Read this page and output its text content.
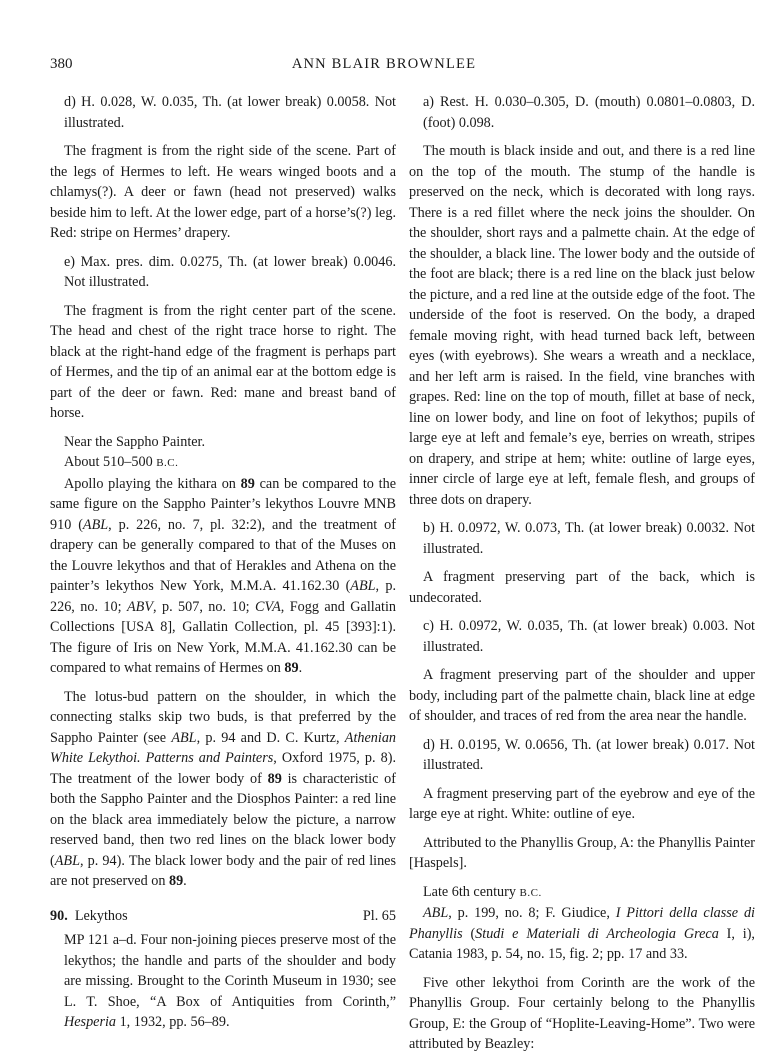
380	ANN BLAIR BROWNLEE

d) H. 0.028, W. 0.035, Th. (at lower break) 0.0058. Not illustrated.

The fragment is from the right side of the scene. Part of the legs of Hermes to left. He wears winged boots and a chlamys(?). A deer or fawn (head not preserved) walks beside him to left. At the lower edge, part of a horse’s(?) leg. Red: stripe on Hermes’ drapery.

e) Max. pres. dim. 0.0275, Th. (at lower break) 0.0046. Not illustrated.

The fragment is from the right center part of the scene. The head and chest of the right trace horse to right. The black at the right-hand edge of the fragment is perhaps part of Hermes, and the tip of an animal ear at the bottom edge is part of the deer or fawn. Red: mane and breast band of horse.

Near the Sappho Painter.

About 510–500 B.C.

Apollo playing the kithara on 89 can be compared to the same figure on the Sappho Painter’s lekythos Louvre MNB 910 (ABL, p. 226, no. 7, pl. 32:2), and the treatment of drapery can be generally compared to that of the Muses on the Louvre lekythos and that of Herakles and Athena on the painter’s lekythos New York, M.M.A. 41.162.30 (ABL, p. 226, no. 10; ABV, p. 507, no. 10; CVA, Fogg and Gallatin Collections [USA 8], Gallatin Collection, pl. 45 [393]:1). The figure of Iris on New York, M.M.A. 41.162.30 can be compared to what remains of Hermes on 89.

The lotus-bud pattern on the shoulder, in which the connecting stalks skip two buds, is that preferred by the Sappho Painter (see ABL, p. 94 and D. C. Kurtz, Athenian White Lekythoi. Patterns and Painters, Oxford 1975, p. 8). The treatment of the lower body of 89 is characteristic of both the Sappho Painter and the Diosphos Painter: a red line on the black area immediately below the picture, a narrow reserved band, then two red lines on the black lower body (ABL, p. 94). The black lower body and the pair of red lines are not preserved on 89.

90. Lekythos	Pl. 65

MP 121 a–d. Four non-joining pieces preserve most of the lekythos; the handle and parts of the shoulder and body are missing. Brought to the Corinth Museum in 1930; see L. T. Shoe, “A Box of Antiquities from Corinth,” Hesperia 1, 1932, pp. 56–89.

a) Rest. H. 0.030–0.305, D. (mouth) 0.0801–0.0803, D. (foot) 0.098.

The mouth is black inside and out, and there is a red line on the top of the mouth. The stump of the handle is preserved on the neck, which is decorated with long rays. There is a red fillet where the neck joins the shoulder. On the shoulder, short rays and a palmette chain. At the edge of the shoulder, a black line. The lower body and the outside of the foot are black; there is a red line on the black just below the picture, and a red line at the outside edge of the foot. The underside of the foot is reserved. On the body, a draped female moving right, with head turned back left, between eyes (with eyebrows). She wears a wreath and a necklace, and her left arm is raised. In the field, vine branches with grapes. Red: line on the top of mouth, fillet at base of neck, line on lower body, and line on foot of lekythos; pupils of large eye at left and female’s eye, berries on wreath, stripes on drapery, and stripe at hem; white: outline of large eyes, inner circle of large eye at left, female flesh, and groups of three dots on drapery.

b) H. 0.0972, W. 0.073, Th. (at lower break) 0.0032. Not illustrated.

A fragment preserving part of the back, which is undecorated.

c) H. 0.0972, W. 0.035, Th. (at lower break) 0.003. Not illustrated.

A fragment preserving part of the shoulder and upper body, including part of the palmette chain, black line at edge of shoulder, and traces of red from the area near the handle.

d) H. 0.0195, W. 0.0656, Th. (at lower break) 0.017. Not illustrated.

A fragment preserving part of the eyebrow and eye of the large eye at right. White: outline of eye.

Attributed to the Phanyllis Group, A: the Phanyllis Painter [Haspels].

Late 6th century B.C.

ABL, p. 199, no. 8; F. Giudice, I Pittori della classe di Phanyllis (Studi e Materiali di Archeologia Greca I, i), Catania 1983, p. 54, no. 15, fig. 2; pp. 17 and 33.

Five other lekythoi from Corinth are the work of the Phanyllis Group. Four certainly belong to the Phanyllis Group, E: the Group of “Hoplite-Leaving-Home”. Two were attributed by Beazley:
